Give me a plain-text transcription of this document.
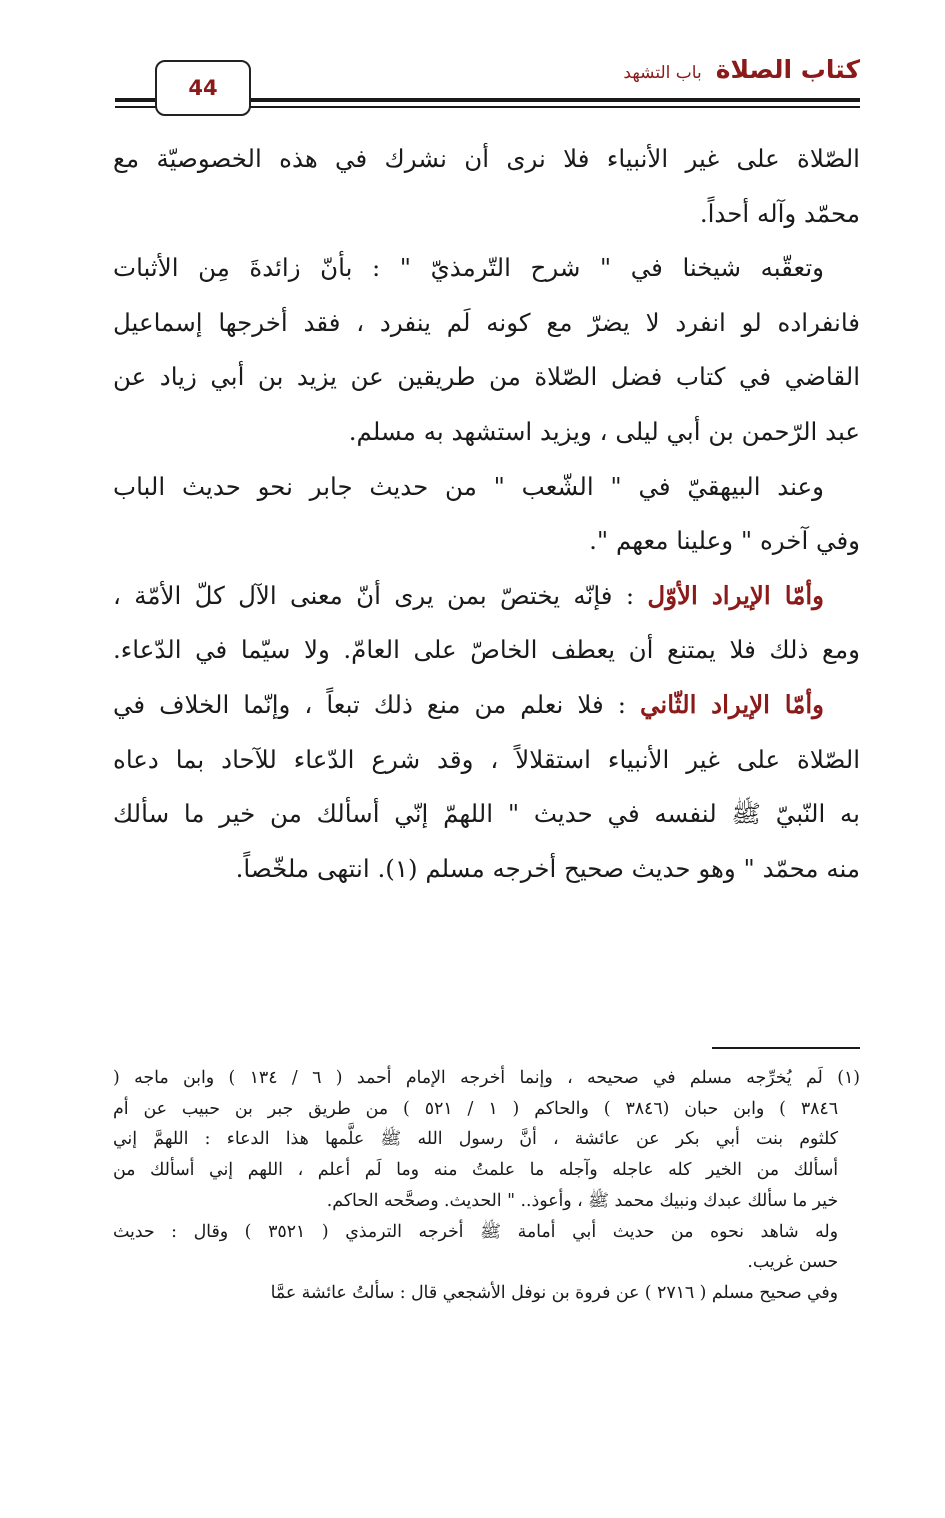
كتاب الصلاةباب التشهد
44

الصّلاة على غير الأنبياء فلا نرى أن نشرك في هذه الخصوصيّة مع
محمّد وآله أحداً.

وتعقّبه شيخنا في " شرح التّرمذيّ " : بأنّ زائدةَ مِن الأثبات
فانفراده لو انفرد لا يضرّ مع كونه لَم ينفرد ، فقد أخرجها إسماعيل
القاضي في كتاب فضل الصّلاة من طريقين عن يزيد بن أبي زياد عن
عبد الرّحمن بن أبي ليلى ، ويزيد استشهد به مسلم.

وعند البيهقيّ في " الشّعب " من حديث جابر نحو حديث الباب
وفي آخره " وعلينا معهم ".

وأمّا الإيراد الأوّل : فإنّه يختصّ بمن يرى أنّ معنى الآل كلّ الأمّة ،
ومع ذلك فلا يمتنع أن يعطف الخاصّ على العامّ. ولا سيّما في الدّعاء.

وأمّا الإيراد الثّاني : فلا نعلم من منع ذلك تبعاً ، وإنّما الخلاف في
الصّلاة على غير الأنبياء استقلالاً ، وقد شرع الدّعاء للآحاد بما دعاه
به النّبيّ ﷺ لنفسه في حديث " اللهمّ إنّي أسألك من خير ما سألك
منه محمّد " وهو حديث صحيح أخرجه مسلم (١). انتهى ملخّصاً.

(١) لَم يُخرِّجه مسلم في صحيحه ، وإنما أخرجه الإمام أحمد ( ٦ / ١٣٤ ) وابن ماجه (
٣٨٤٦ ) وابن حبان (٣٨٤٦ ) والحاكم ( ١ / ٥٢١ ) من طريق جبر بن حبيب عن أم
كلثوم بنت أبي بكر عن عائشة ، أنَّ رسول الله ﷺ علَّمها هذا الدعاء : اللهمَّ إني
أسألك من الخير كله عاجله وآجله ما علمتُ منه وما لَم أعلم ، اللهم إني أسألك من
خير ما سألك عبدك ونبيك محمد ﷺ ، وأعوذ.. " الحديث. وصحَّحه الحاكم.
وله شاهد نحوه من حديث أبي أمامة ﷺ أخرجه الترمذي ( ٣٥٢١ ) وقال : حديث
حسن غريب.
وفي صحيح مسلم ( ٢٧١٦ ) عن فروة بن نوفل الأشجعي قال : سألتُ عائشة عمَّا
